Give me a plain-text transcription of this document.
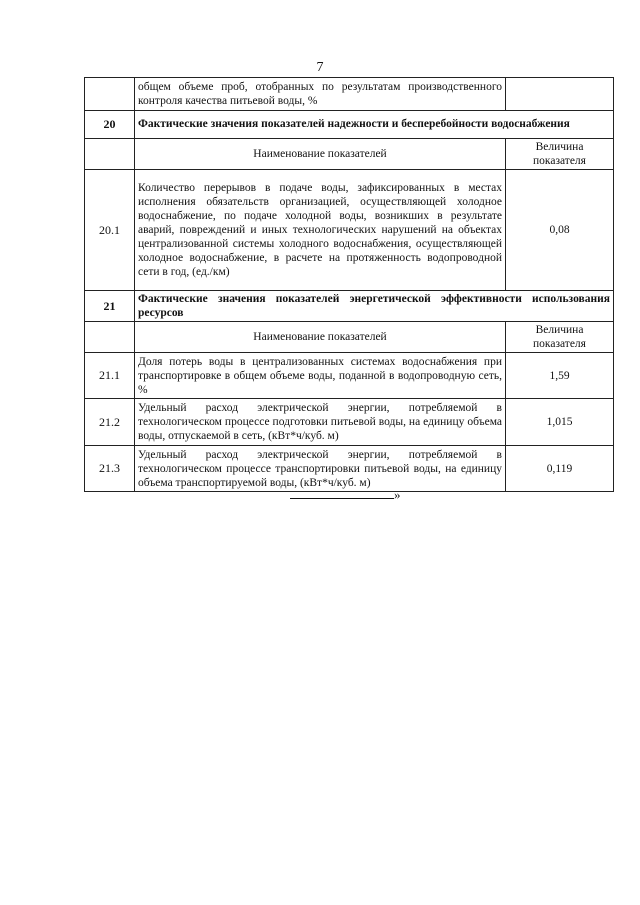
7
	общем объеме проб, отобранных по результатам производственного контроля качества питьевой воды, %	
20	Фактические значения показателей надежности и бесперебойности водоснабжения	
	Наименование показателей	Величина показателя
20.1	Количество перерывов в подаче воды, зафиксированных в местах исполнения обязательств организацией, осуществляющей холодное водоснабжение, по подаче холодной воды, возникших в результате аварий, повреждений и иных технологических нарушений на объектах централизованной системы холодного водоснабжения, осуществляющей холодное водоснабжение, в расчете на протяженность водопроводной сети в год, (ед./км)	0,08
21	Фактические значения показателей энергетической эффективности использования ресурсов	
	Наименование показателей	Величина показателя
21.1	Доля потерь воды в централизованных системах водоснабжения при транспортировке в общем объеме воды, поданной в водопроводную сеть, %	1,59
21.2	Удельный расход электрической энергии, потребляемой в технологическом процессе подготовки питьевой воды, на единицу объема воды, отпускаемой в сеть, (кВт*ч/куб. м)	1,015
21.3	Удельный расход электрической энергии, потребляемой в технологическом процессе транспортировки питьевой воды, на единицу объема транспортируемой воды, (кВт*ч/куб. м)	0,119
»
